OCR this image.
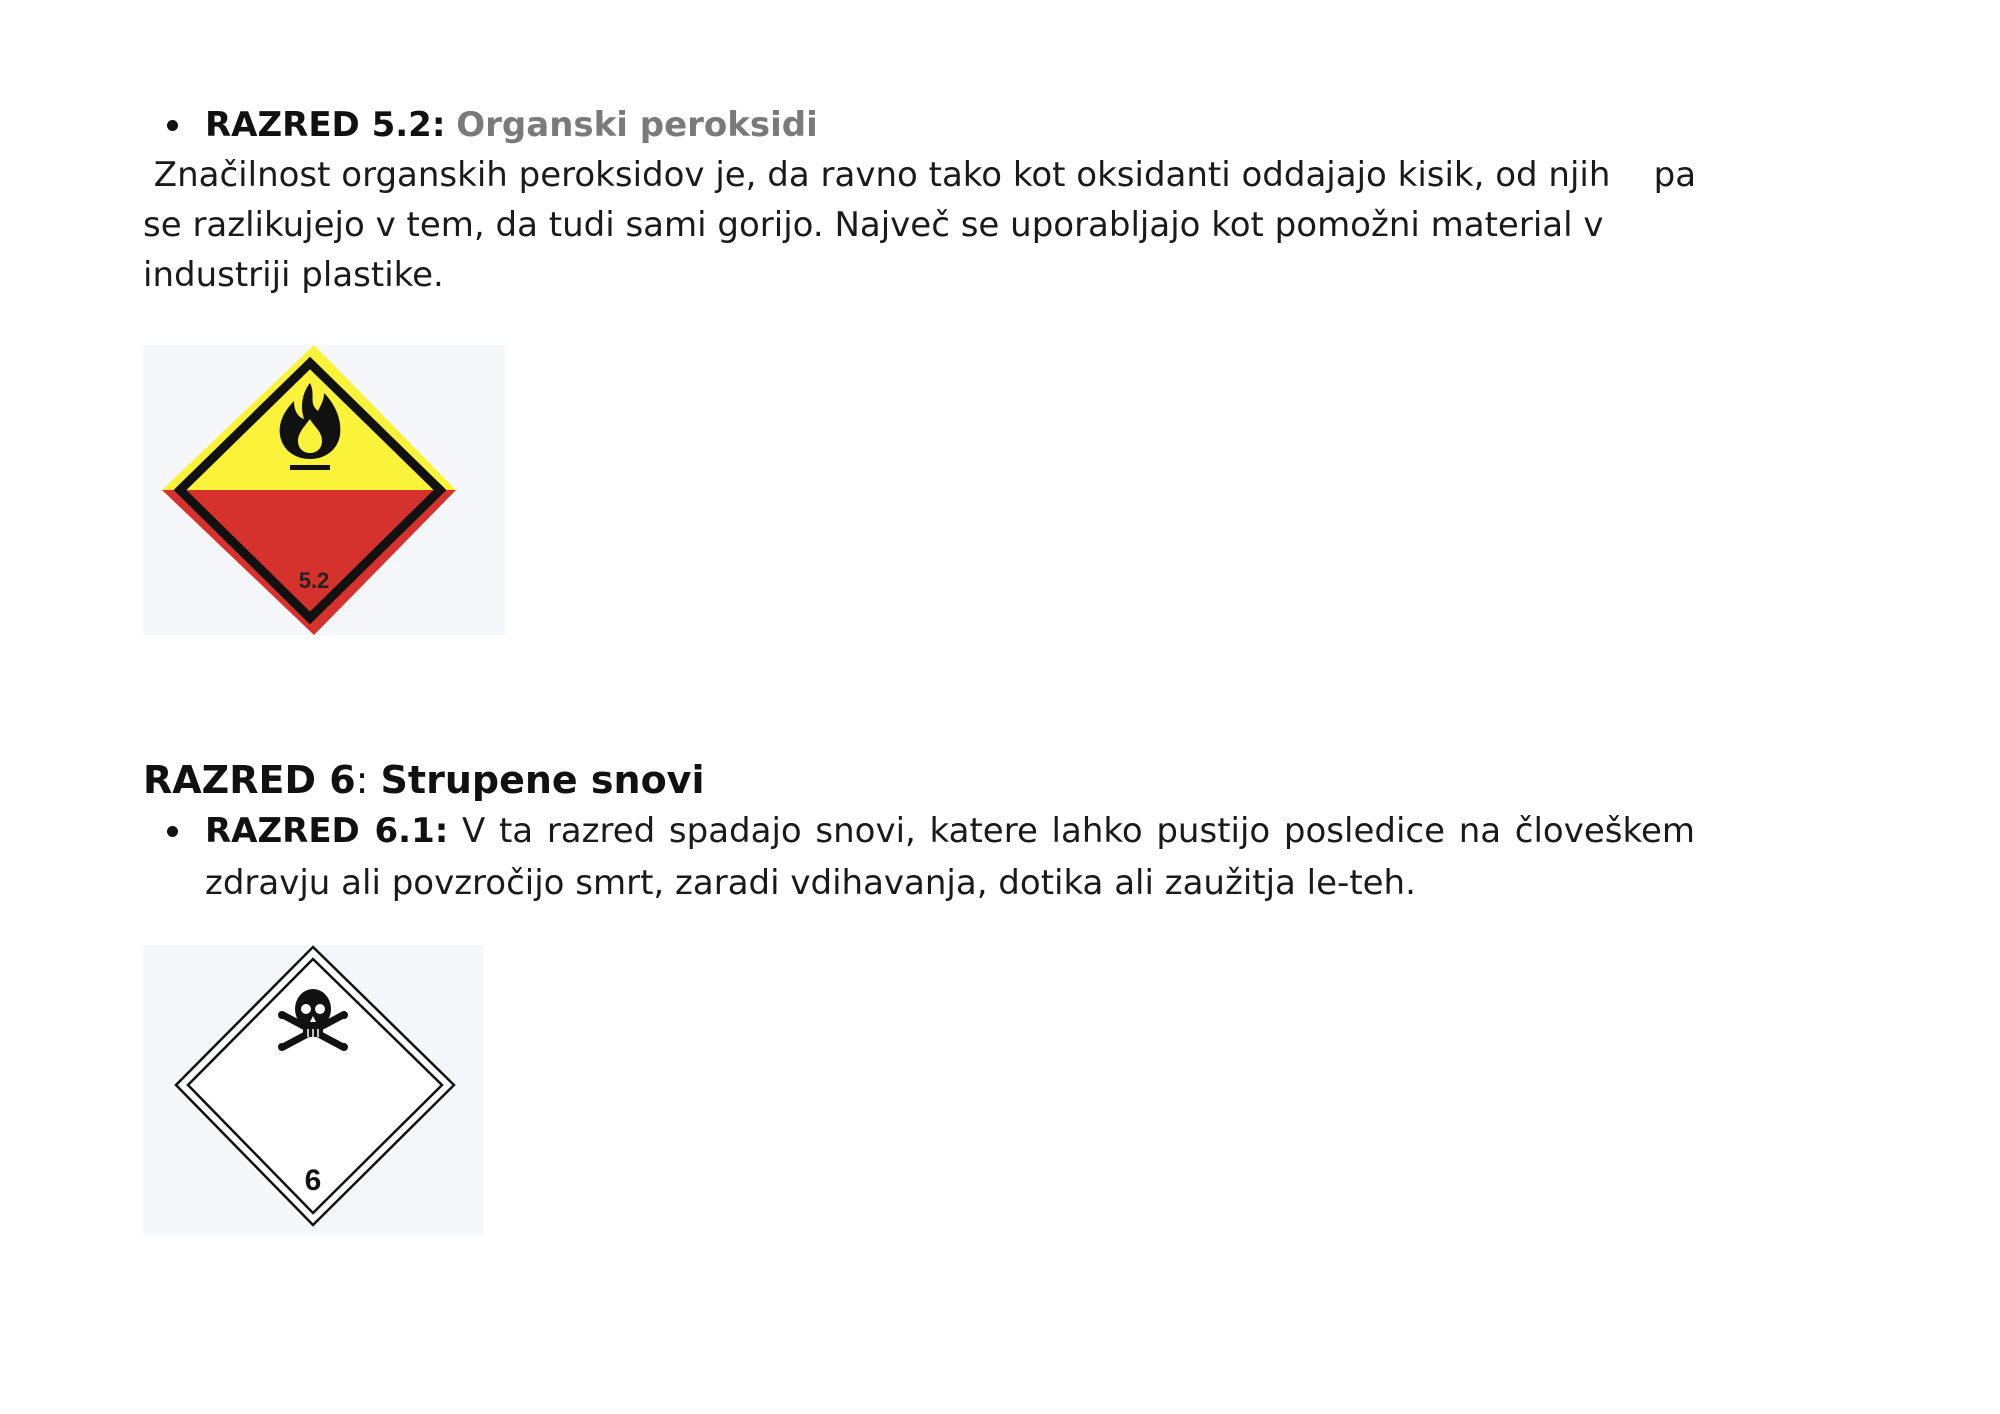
RAZRED 5.2: Organski peroksidi
Značilnost organskih peroksidov je, da ravno tako kot oksidanti oddajajo kisik, od njih    pa
se razlikujejo v tem, da tudi sami gorijo. Največ se uporabljajo kot pomožni material v
industriji plastike.
5.2
RAZRED 6: Strupene snovi
RAZRED 6.1: V ta razred spadajo snovi, katere lahko pustijo posledice na človeškem
zdravju ali povzročijo smrt, zaradi vdihavanja, dotika ali zaužitja le-teh.
6
